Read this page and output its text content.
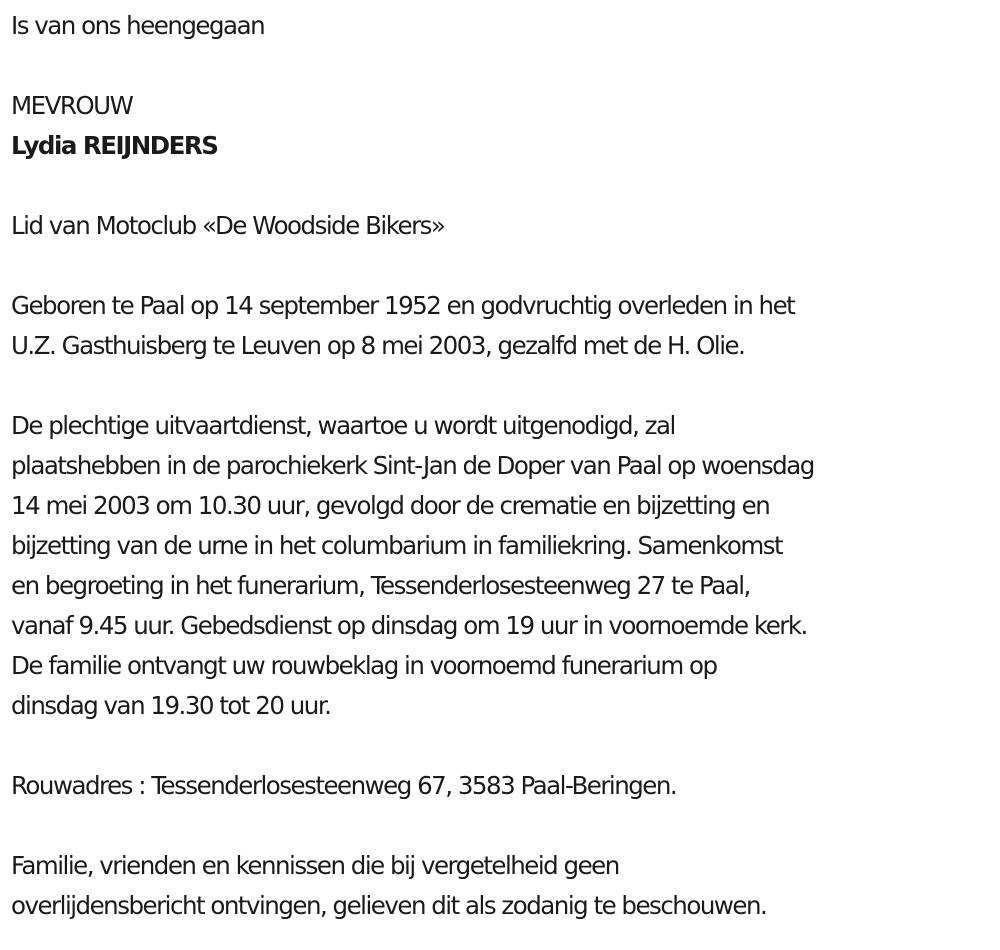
Is van ons heengegaan

MEVROUW

Lydia REIJNDERS

Lid van Motoclub «De Woodside Bikers»

Geboren te Paal op 14 september 1952 en godvruchtig overleden in het

U.Z. Gasthuisberg te Leuven op 8 mei 2003, gezalfd met de H. Olie.

De plechtige uitvaartdienst, waartoe u wordt uitgenodigd, zal

plaatshebben in de parochiekerk Sint-Jan de Doper van Paal op woensdag

14 mei 2003 om 10.30 uur, gevolgd door de crematie en bijzetting en

bijzetting van de urne in het columbarium in familiekring. Samenkomst

en begroeting in het funerarium, Tessenderlosesteenweg 27 te Paal,

vanaf 9.45 uur. Gebedsdienst op dinsdag om 19 uur in voornoemde kerk.

De familie ontvangt uw rouwbeklag in voornoemd funerarium op

dinsdag van 19.30 tot 20 uur.

Rouwadres : Tessenderlosesteenweg 67, 3583 Paal-Beringen.

Familie, vrienden en kennissen die bij vergetelheid geen

overlijdensbericht ontvingen, gelieven dit als zodanig te beschouwen.
